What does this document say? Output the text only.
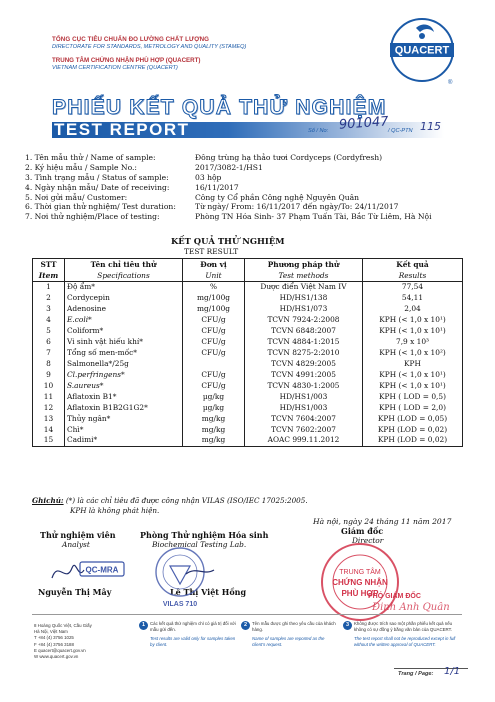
TỔNG CỤC TIÊU CHUẨN ĐO LƯỜNG CHẤT LƯỢNG
DIRECTORATE FOR STANDARDS, METROLOGY AND QUALITY (STAMEQ)
TRUNG TÂM CHỨNG NHẬN PHÙ HỢP (QUACERT)
VIETNAM CERTIFICATION CENTRE (QUACERT)
QUACERT
®
PHIẾU KẾT QUẢ THỬ NGHIỆM
TEST REPORT	Số / No: 901047
/ QC-PTN 115
1. Tên mẫu thử / Name of sample:	Đông trùng hạ thảo tươi Cordyceps (Cordyfresh)
2. Ký hiệu mẫu / Sample No.:	2017/3082-1/HS1
3. Tình trạng mẫu / Status of sample:	03 hộp
4. Ngày nhận mẫu/ Date of receiving:	16/11/2017
5. Nơi gửi mẫu/ Customer:	Công ty Cổ phần Công nghệ Nguyên Quân
6. Thời gian thử nghiệm/ Test duration:	Từ ngày/ From: 16/11/2017 đến ngày/To: 24/11/2017
7. Nơi thử nghiệm/Place of testing:	Phòng TN Hóa Sinh- 37 Phạm Tuấn Tài, Bắc Từ Liêm, Hà Nội
KẾT QUẢ THỬ NGHIỆM
TEST RESULT
STT	Tên chỉ tiêu thử	Đơn vị	Phương pháp thử	Kết quả
Item	Specifications	Unit	Test methods	Results
1	Độ ẩm*	%	Dược điển Việt Nam IV	77,54
2	Cordycepin	mg/100g	HD/HS1/138	54,11
3	Adenosine	mg/100g	HD/HS1/073	2,04
4	E.coli*	CFU/g	TCVN 7924-2:2008	KPH (< 1,0 x 10¹)
5	Coliform*	CFU/g	TCVN 6848:2007	KPH (< 1,0 x 10¹)
6	Vi sinh vật hiếu khí*	CFU/g	TCVN 4884-1:2015	7,9 x 10³
7	Tổng số men-mốc*	CFU/g	TCVN 8275-2:2010	KPH (< 1,0 x 10²)
8	Salmonella*/25g		TCVN 4829:2005	KPH
9	Cl.perfringens*	CFU/g	TCVN 4991:2005	KPH (< 1,0 x 10¹)
10	S.aureus*	CFU/g	TCVN 4830-1:2005	KPH (< 1,0 x 10¹)
11	Aflatoxin B1*	µg/kg	HD/HS1/003	KPH ( LOD = 0,5)
12	Aflatoxin B1B2G1G2*	µg/kg	HD/HS1/003	KPH ( LOD = 2,0)
13	Thủy ngân*	mg/kg	TCVN 7604:2007	KPH (LOD = 0,05)
14	Chì*	mg/kg	TCVN 7602:2007	KPH (LOD = 0,02)
15	Cadimi*	mg/kg	AOAC 999.11.2012	KPH (LOD = 0,02)
Ghichú: (*) là các chỉ tiêu đã được công nhận VILAS (ISO/IEC 17025:2005.
KPH là không phát hiện.
Hà nội, ngày 24 tháng 11 năm 2017
Thử nghiệm viên
Analyst
Nguyễn Thị Mây
Phòng Thử nghiệm Hóa sinh
Biochemical Testing Lab.
Lê Thị Việt Hồng
Giám đốc
Director
QC-MRA
VILAS 710
TRUNG TÂM
CHỨNG NHẬN
PHÙ HỢP
PHÓ GIÁM ĐỐC
Đinh Anh Quân
8 Hoàng Quốc Việt, Cầu Giấy
Hà Nội, Việt Nam
T +84 (4) 3756 1025
F +84 (4) 3756 3188
E quacert@quacert.gov.vn
W www.quacert.gov.vn
1	Các kết quả thử nghiệm chỉ có giá trị đối với mẫu gửi đến.
Test results are valid only for samples taken by client.
2	Tên mẫu được ghi theo yêu cầu của khách hàng.
Name of samples are reported as the client's request.
3	Không được trích sao một phần phiếu kết quả nếu không có sự đồng ý bằng văn bản của QUACERT.
The test report shall not be reproduced except in full without the written approval of QUACERT.
Trang / Page: 1/1
